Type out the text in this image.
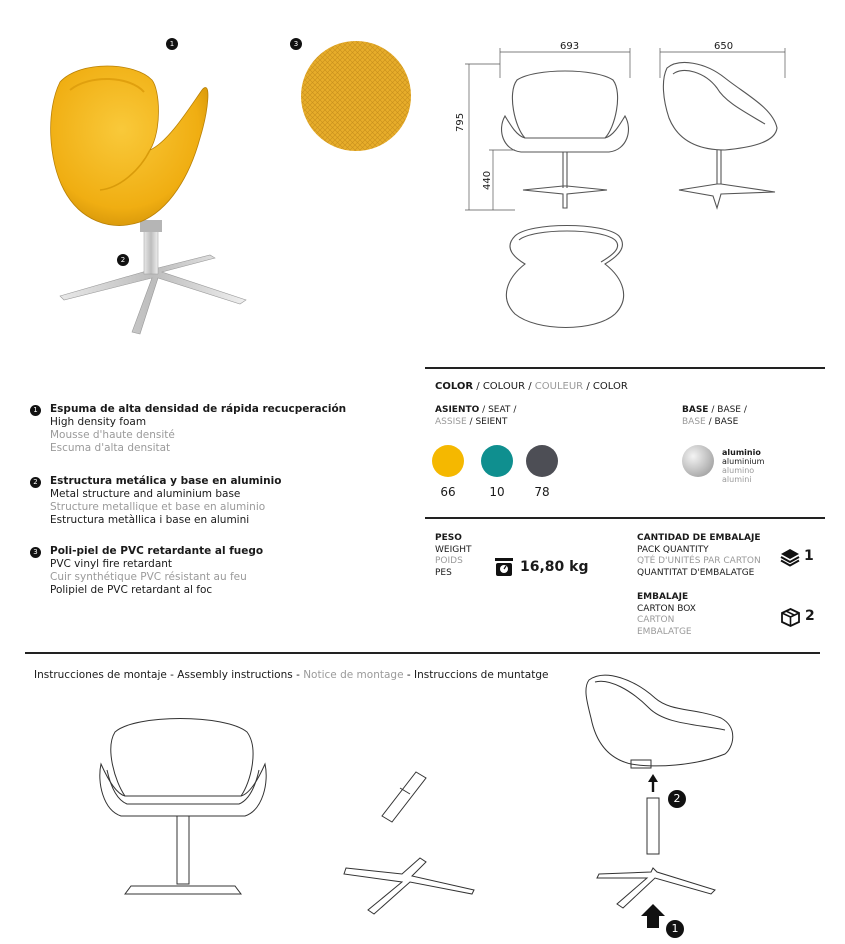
1	3
2
693	650
795
440
COLOR / COLOUR / COULEUR / COLOR
ASIENTO / SEAT /
ASSISE / SEIENT
BASE / BASE /
BASE / BASE
66	10	78
aluminio
aluminium
alumino
alumini
1	Espuma de alta densidad de rápida recucperación
High density foam
Mousse d'haute densité
Escuma d'alta densitat
2	Estructura metálica y base en aluminio
Metal structure and aluminium base
Structure metallique et base en aluminio
Estructura metàllica i base en alumini
3	Poli-piel de PVC retardante al fuego
PVC vinyl fire retardant
Cuir synthétique PVC résistant au feu
Polipiel de PVC retardant al foc
PESO
WEIGHT
POIDS
PES	16,80 kg
CANTIDAD DE EMBALAJE
PACK QUANTITY
QTÉ D'UNITÉS PAR CARTON
QUANTITAT D'EMBALATGE
1
EMBALAJE
CARTON BOX
CARTON
EMBALATGE
2
Instrucciones de montaje - Assembly instructions - Notice de montage - Instruccions de muntatge
2
1
